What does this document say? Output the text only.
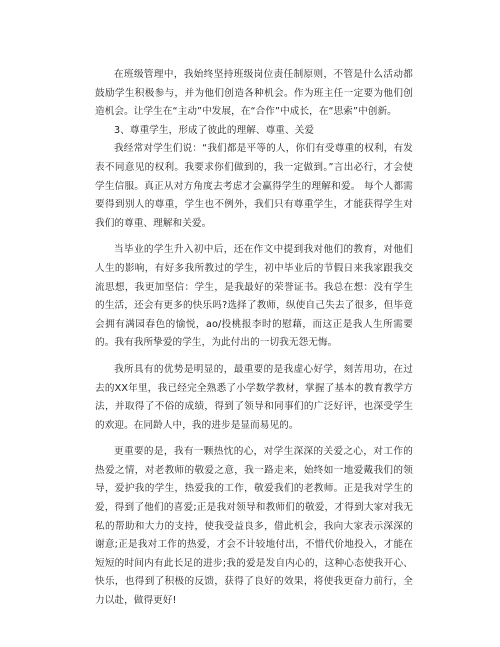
在班级管理中，我始终坚持班级岗位责任制原则，不管是什么活动都鼓励学生积极参与，并为他们创造各种机会。作为班主任一定要为他们创造机会。让学生在“主动”中发展，在“合作”中成长，在“思索”中创新。

3、尊重学生，形成了彼此的理解、尊重、关爱

我经常对学生们说：“我们都是平等的人，你们有受尊重的权利，有发表不同意见的权利。我要求你们做到的，我一定做到。”言出必行，才会使学生信服。真正从对方角度去考虑才会赢得学生的理解和爱。 每个人都需要得到别人的尊重，学生也不例外，我们只有尊重学生，才能获得学生对我们的尊重、理解和关爱。

当毕业的学生升入初中后，还在作文中提到我对他们的教育，对他们人生的影响，有好多我所教过的学生，初中毕业后的节假日来我家跟我交流思想，我更加坚信：学生，是我最好的荣誉证书。我总在想：没有学生的生活，还会有更多的快乐吗?选择了教师，纵使自己失去了很多，但毕竟会拥有满园春色的愉悦，ao/投桃报李时的慰藉，而这正是我人生所需要的。我有我所挚爱的学生，为此付出的一切我无怨无悔。

我所具有的优势是明显的，最重要的是我虚心好学，刻苦用功，在过去的XX年里，我已经完全熟悉了小学数学教材，掌握了基本的教育教学方法，并取得了不俗的成绩，得到了领导和同事们的广泛好评，也深受学生的欢迎。在同龄人中，我的进步是显而易见的。

更重要的是，我有一颗热忱的心，对学生深深的关爱之心，对工作的热爱之情，对老教师的敬爱之意，我一路走来，始终如一地爱戴我们的领导，爱护我的学生，热爱我的工作，敬爱我们的老教师。正是我对学生的爱，得到了他们的喜爱;正是我对领导和教师们的敬爱，才得到大家对我无私的帮助和大力的支持，使我受益良多，借此机会，我向大家表示深深的谢意;正是我对工作的热爱，才会不计较地付出，不惜代价地投入，才能在短短的时间内有此长足的进步;我的爱是发自内心的，这种心态使我开心、快乐，也得到了积极的反馈，获得了良好的效果，将使我更奋力前行，全力以赴，做得更好!
